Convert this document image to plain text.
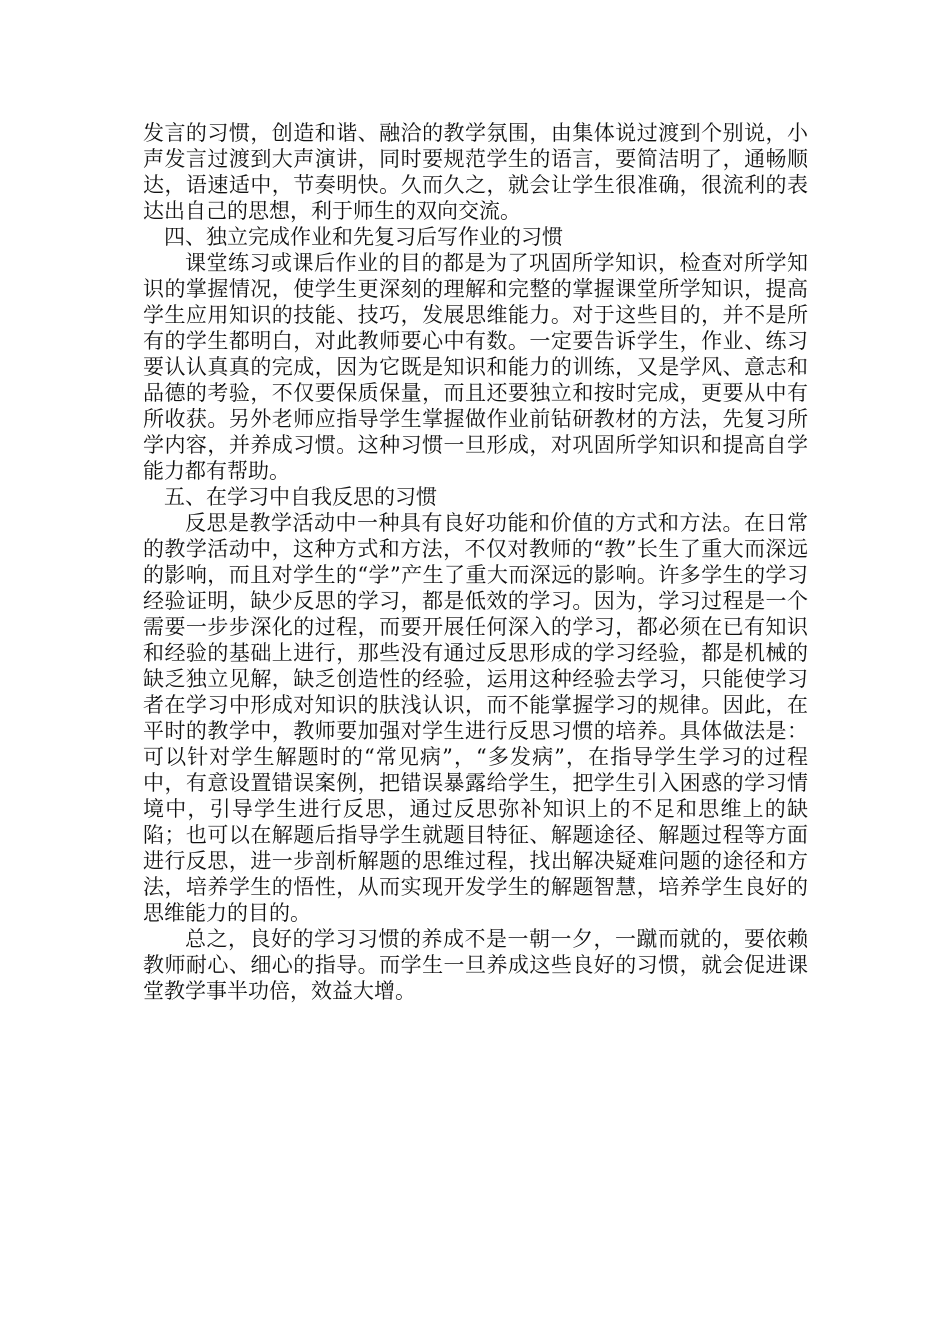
发言的习惯，创造和谐、融洽的教学氛围，由集体说过渡到个别说，小声发言过渡到大声演讲，同时要规范学生的语言，要简洁明了，通畅顺达，语速适中，节奏明快。久而久之，就会让学生很准确，很流利的表达出自己的思想，利于师生的双向交流。

四、独立完成作业和先复习后写作业的习惯

课堂练习或课后作业的目的都是为了巩固所学知识，检查对所学知识的掌握情况，使学生更深刻的理解和完整的掌握课堂所学知识，提高学生应用知识的技能、技巧，发展思维能力。对于这些目的，并不是所有的学生都明白，对此教师要心中有数。一定要告诉学生，作业、练习要认认真真的完成，因为它既是知识和能力的训练，又是学风、意志和品德的考验，不仅要保质保量，而且还要独立和按时完成，更要从中有所收获。另外老师应指导学生掌握做作业前钻研教材的方法，先复习所学内容，并养成习惯。这种习惯一旦形成，对巩固所学知识和提高自学能力都有帮助。

五、在学习中自我反思的习惯

反思是教学活动中一种具有良好功能和价值的方式和方法。在日常的教学活动中，这种方式和方法，不仅对教师的“教”长生了重大而深远的影响，而且对学生的“学”产生了重大而深远的影响。许多学生的学习经验证明，缺少反思的学习，都是低效的学习。因为，学习过程是一个需要一步步深化的过程，而要开展任何深入的学习，都必须在已有知识和经验的基础上进行，那些没有通过反思形成的学习经验，都是机械的缺乏独立见解，缺乏创造性的经验，运用这种经验去学习，只能使学习者在学习中形成对知识的肤浅认识，而不能掌握学习的规律。因此，在平时的教学中，教师要加强对学生进行反思习惯的培养。具体做法是：可以针对学生解题时的“常见病”，“多发病”，在指导学生学习的过程中，有意设置错误案例，把错误暴露给学生，把学生引入困惑的学习情境中，引导学生进行反思，通过反思弥补知识上的不足和思维上的缺陷；也可以在解题后指导学生就题目特征、解题途径、解题过程等方面进行反思，进一步剖析解题的思维过程，找出解决疑难问题的途径和方法，培养学生的悟性，从而实现开发学生的解题智慧，培养学生良好的思维能力的目的。

总之，良好的学习习惯的养成不是一朝一夕，一蹴而就的，要依赖教师耐心、细心的指导。而学生一旦养成这些良好的习惯，就会促进课堂教学事半功倍，效益大增。
